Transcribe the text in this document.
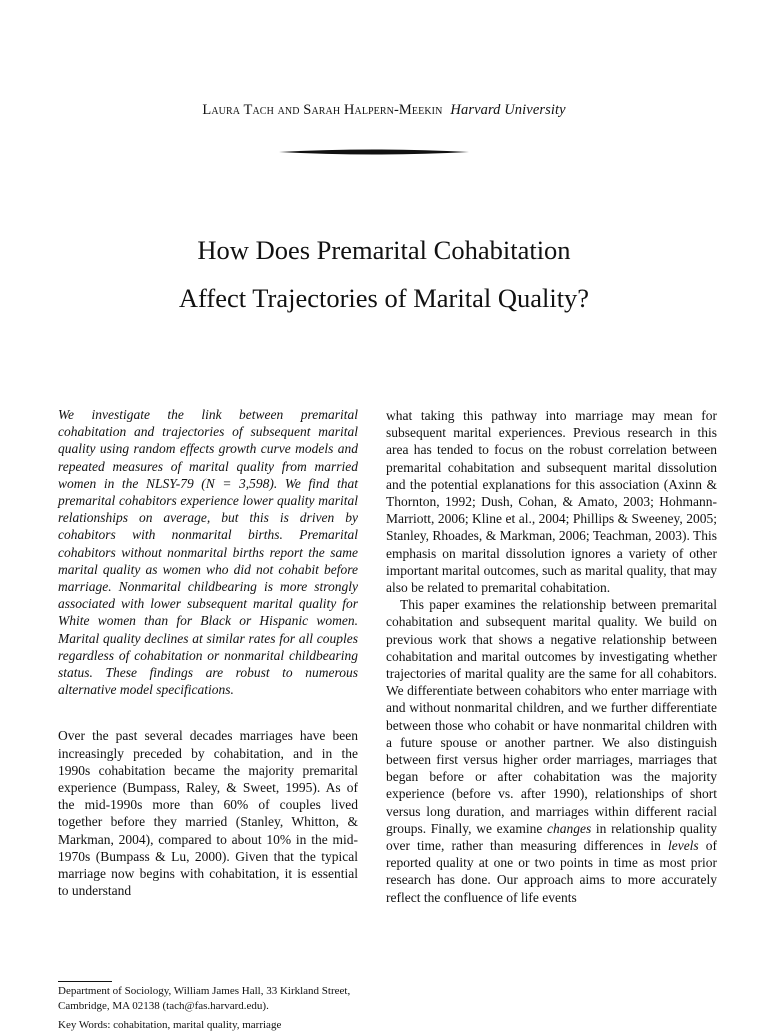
Laura Tach and Sarah Halpern-Meekin Harvard University
How Does Premarital Cohabitation
Affect Trajectories of Marital Quality?

We investigate the link between premarital cohabitation and trajectories of subsequent marital quality using random effects growth curve models and repeated measures of marital quality from married women in the NLSY-79 (N = 3,598). We find that premarital cohabitors experience lower quality marital relationships on average, but this is driven by cohabitors with nonmarital births. Premarital cohabitors without nonmarital births report the same marital quality as women who did not cohabit before marriage. Nonmarital childbearing is more strongly associated with lower subsequent marital quality for White women than for Black or Hispanic women. Marital quality declines at similar rates for all couples regardless of cohabitation or nonmarital childbearing status. These findings are robust to numerous alternative model specifications.

Over the past several decades marriages have been increasingly preceded by cohabitation, and in the 1990s cohabitation became the majority premarital experience (Bumpass, Raley, & Sweet, 1995). As of the mid-1990s more than 60% of couples lived together before they married (Stanley, Whitton, & Markman, 2004), compared to about 10% in the mid-1970s (Bumpass & Lu, 2000). Given that the typical marriage now begins with cohabitation, it is essential to understand

what taking this pathway into marriage may mean for subsequent marital experiences. Previous research in this area has tended to focus on the robust correlation between premarital cohabitation and subsequent marital dissolution and the potential explanations for this association (Axinn & Thornton, 1992; Dush, Cohan, & Amato, 2003; Hohmann-Marriott, 2006; Kline et al., 2004; Phillips & Sweeney, 2005; Stanley, Rhoades, & Markman, 2006; Teachman, 2003). This emphasis on marital dissolution ignores a variety of other important marital outcomes, such as marital quality, that may also be related to premarital cohabitation.

This paper examines the relationship between premarital cohabitation and subsequent marital quality. We build on previous work that shows a negative relationship between cohabitation and marital outcomes by investigating whether trajectories of marital quality are the same for all cohabitors. We differentiate between cohabitors who enter marriage with and without nonmarital children, and we further differentiate between those who cohabit or have nonmarital children with a future spouse or another partner. We also distinguish between first versus higher order marriages, marriages that began before or after cohabitation was the majority experience (before vs. after 1990), relationships of short versus long duration, and marriages within different racial groups. Finally, we examine changes in relationship quality over time, rather than measuring differences in levels of reported quality at one or two points in time as most prior research has done. Our approach aims to more accurately reflect the confluence of life events

Department of Sociology, William James Hall, 33 Kirkland Street, Cambridge, MA 02138 (tach@fas.harvard.edu).
Key Words: cohabitation, marital quality, marriage
